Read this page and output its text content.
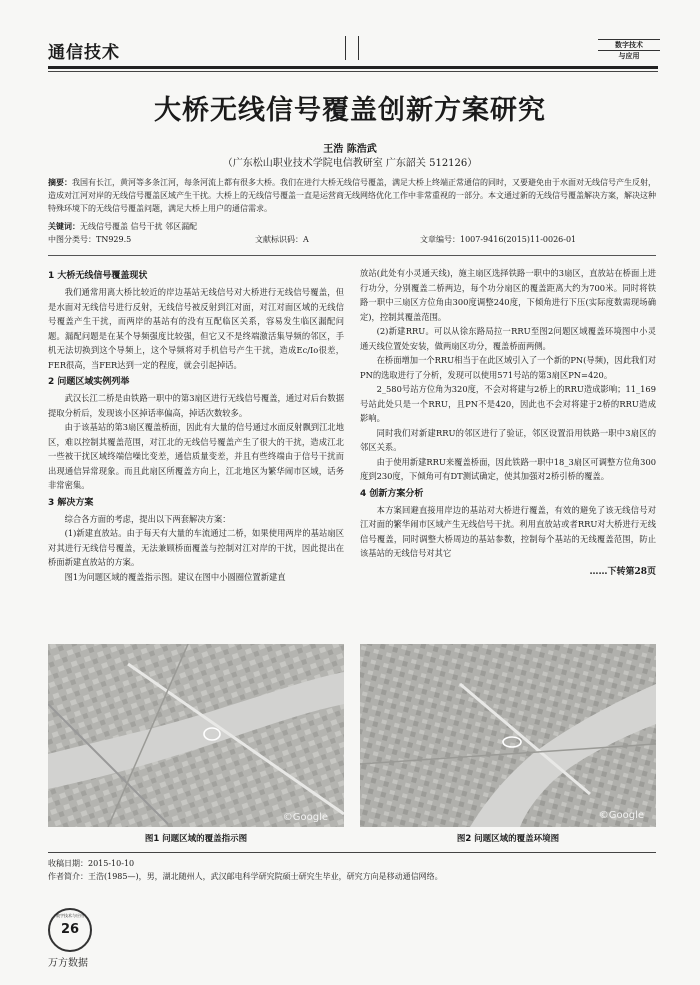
通信技术	数字技术
与应用
大桥无线信号覆盖创新方案研究
王浩 陈浩武
（广东松山职业技术学院电信教研室 广东韶关 512126）
摘要：我国有长江，黄河等多条江河，每条河流上都有很多大桥。我们在进行大桥无线信号覆盖，满足大桥上终端正常通信的同时，又要避免由于水面对无线信号产生反射，造成对江河对岸的无线信号覆盖区域产生干扰。大桥上的无线信号覆盖一直是运营商无线网络优化工作中非常重视的一部分。本文通过新的无线信号覆盖解决方案，解决这种特殊环境下的无线信号覆盖问题，满足大桥上用户的通信需求。
关键词：无线信号覆盖 信号干扰 邻区漏配
中图分类号：TN929.5	文献标识码：A	文章编号：1007-9416(2015)11-0026-01
1 大桥无线信号覆盖现状

我们通常用离大桥比较近的岸边基站无线信号对大桥进行无线信号覆盖，但是水面对无线信号进行反射，无线信号被反射到江对面，对江对面区域的无线信号覆盖产生干扰，而两岸的基站有的没有互配临区关系，容易发生临区漏配问题。漏配问题是在某个导频强度比较强，但它又不是终端激活集导频的邻区，手机无法切换到这个导频上，这个导频将对手机信号产生干扰，造成Ec/Io很差，FER很高，当FER达到一定的程度，就会引起掉话。

2 问题区域实例列举

武汉长江二桥是由铁路一职中的第3扇区进行无线信号覆盖，通过对后台数据提取分析后，发现该小区掉话率偏高，掉话次数较多。

由于该基站的第3扇区覆盖桥面，因此有大量的信号通过水面反射飘到江北地区，难以控制其覆盖范围，对江北的无线信号覆盖产生了很大的干扰，造成江北一些被干扰区域终端信噪比变差，通信质量变差，并且有些终端由于信号干扰而出现通信异常现象。而且此扇区所覆盖方向上，江北地区为繁华闹市区域，话务非常密集。

3 解决方案

综合各方面的考虑，提出以下两套解决方案：

(1)新建直放站。由于每天有大量的车流通过二桥，如果使用两岸的基站扇区对其进行无线信号覆盖，无法兼顾桥面覆盖与控制对江对岸的干扰，因此提出在桥面新建直放站的方案。

图1为问题区域的覆盖指示图。建议在图中小圆圈位置新建直

放站(此处有小灵通天线)，施主扇区选择铁路一职中的3扇区，直放站在桥面上进行功分，分别覆盖二桥两边，每个功分扇区的覆盖距离大约为700米。同时将铁路一职中三扇区方位角由300度调整240度，下倾角进行下压(实际度数需现场确定)，控制其覆盖范围。

(2)新建RRU。可以从徐东路局拉一RRU至图2问题区域覆盖环境图中小灵通天线位置处安装，做两扇区功分，覆盖桥面两侧。

在桥面增加一个RRU相当于在此区域引入了一个新的PN(导频)，因此我们对PN的选取进行了分析，发现可以使用571号站的第3扇区PN=420。

2_580号站方位角为320度，不会对将建与2桥上的RRU造成影响；11_169号站此处只是一个RRU，且PN不是420，因此也不会对将建于2桥的RRU造成影响。

同时我们对新建RRU的邻区进行了验证，邻区设置沿用铁路一职中3扇区的邻区关系。

由于使用新建RRU来覆盖桥面，因此铁路一职中18_3扇区可调整方位角300度到230度，下倾角可有DT测试确定，使其加强对2桥引桥的覆盖。

4 创新方案分析

本方案回避直接用岸边的基站对大桥进行覆盖，有效的避免了该无线信号对江对面的繁华闹市区域产生无线信号干扰。利用直放站或者RRU对大桥进行无线信号覆盖，同时调整大桥周边的基站参数，控制每个基站的无线覆盖范围，防止该基站的无线信号对其它

……下转第28页
©Google
图1 问题区域的覆盖指示图
©Google
图2 问题区域的覆盖环境图
收稿日期：2015-10-10
作者简介：王浩(1985—)，男，湖北随州人，武汉邮电科学研究院硕士研究生毕业，研究方向是移动通信网络。
数字技术与应用
26
万方数据
